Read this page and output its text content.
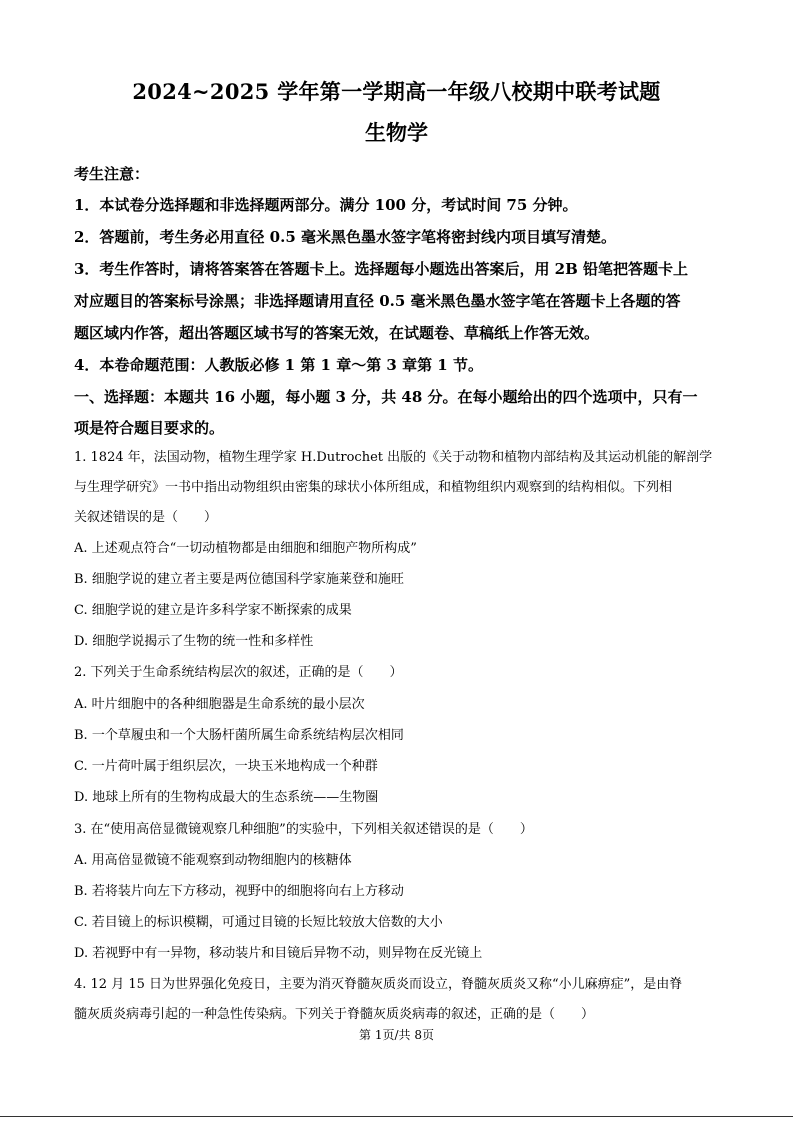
2024~2025 学年第一学期高一年级八校期中联考试题
生物学
考生注意：
1．本试卷分选择题和非选择题两部分。满分 100 分，考试时间 75 分钟。
2．答题前，考生务必用直径 0.5 毫米黑色墨水签字笔将密封线内项目填写清楚。
3．考生作答时，请将答案答在答题卡上。选择题每小题选出答案后，用 2B 铅笔把答题卡上
对应题目的答案标号涂黑；非选择题请用直径 0.5 毫米黑色墨水签字笔在答题卡上各题的答
题区域内作答，超出答题区域书写的答案无效，在试题卷、草稿纸上作答无效。
4．本卷命题范围：人教版必修 1 第 1 章～第 3 章第 1 节。
一、选择题：本题共 16 小题，每小题 3 分，共 48 分。在每小题给出的四个选项中，只有一
项是符合题目要求的。
1. 1824 年，法国动物，植物生理学家 H.Dutrochet 出版的《关于动物和植物内部结构及其运动机能的解剖学
与生理学研究》一书中指出动物组织由密集的球状小体所组成，和植物组织内观察到的结构相似。下列相
关叙述错误的是（　　）
A. 上述观点符合“一切动植物都是由细胞和细胞产物所构成”
B. 细胞学说的建立者主要是两位德国科学家施莱登和施旺
C. 细胞学说的建立是许多科学家不断探索的成果
D. 细胞学说揭示了生物的统一性和多样性
2. 下列关于生命系统结构层次的叙述，正确的是（　　）
A. 叶片细胞中的各种细胞器是生命系统的最小层次
B. 一个草履虫和一个大肠杆菌所属生命系统结构层次相同
C. 一片荷叶属于组织层次，一块玉米地构成一个种群
D. 地球上所有的生物构成最大的生态系统——生物圈
3. 在“使用高倍显微镜观察几种细胞”的实验中，下列相关叙述错误的是（　　）
A. 用高倍显微镜不能观察到动物细胞内的核糖体
B. 若将装片向左下方移动，视野中的细胞将向右上方移动
C. 若目镜上的标识模糊，可通过目镜的长短比较放大倍数的大小
D. 若视野中有一异物，移动装片和目镜后异物不动，则异物在反光镜上
4. 12 月 15 日为世界强化免疫日，主要为消灭脊髓灰质炎而设立，脊髓灰质炎又称“小儿麻痹症”，是由脊
髓灰质炎病毒引起的一种急性传染病。下列关于脊髓灰质炎病毒的叙述，正确的是（　　）
第 1页/共 8页
